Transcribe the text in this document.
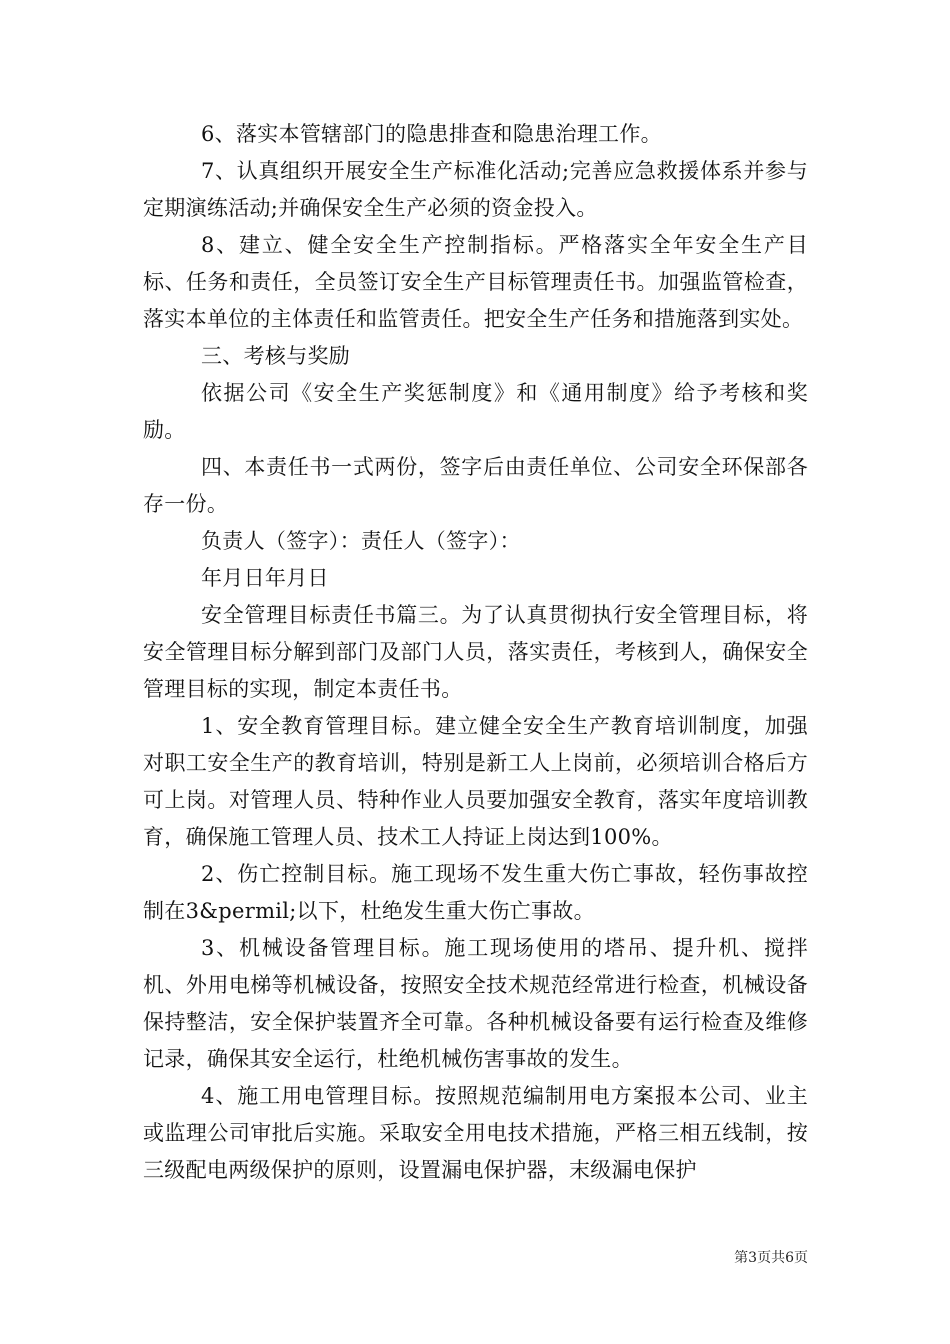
6、落实本管辖部门的隐患排查和隐患治理工作。

7、认真组织开展安全生产标准化活动;完善应急救援体系并参与定期演练活动;并确保安全生产必须的资金投入。

8、建立、健全安全生产控制指标。严格落实全年安全生产目标、任务和责任，全员签订安全生产目标管理责任书。加强监管检查，落实本单位的主体责任和监管责任。把安全生产任务和措施落到实处。

三、考核与奖励

依据公司《安全生产奖惩制度》和《通用制度》给予考核和奖励。

四、本责任书一式两份，签字后由责任单位、公司安全环保部各存一份。

负责人（签字）：责任人（签字）：

年月日年月日

安全管理目标责任书篇三。为了认真贯彻执行安全管理目标，将安全管理目标分解到部门及部门人员，落实责任，考核到人，确保安全管理目标的实现，制定本责任书。

1、安全教育管理目标。建立健全安全生产教育培训制度，加强对职工安全生产的教育培训，特别是新工人上岗前，必须培训合格后方可上岗。对管理人员、特种作业人员要加强安全教育，落实年度培训教育，确保施工管理人员、技术工人持证上岗达到100%。

2、伤亡控制目标。施工现场不发生重大伤亡事故，轻伤事故控制在3&permil;以下，杜绝发生重大伤亡事故。

3、机械设备管理目标。施工现场使用的塔吊、提升机、搅拌机、外用电梯等机械设备，按照安全技术规范经常进行检查，机械设备保持整洁，安全保护装置齐全可靠。各种机械设备要有运行检查及维修记录，确保其安全运行，杜绝机械伤害事故的发生。

4、施工用电管理目标。按照规范编制用电方案报本公司、业主或监理公司审批后实施。采取安全用电技术措施，严格三相五线制，按三级配电两级保护的原则，设置漏电保护器，末级漏电保护

第3页共6页
